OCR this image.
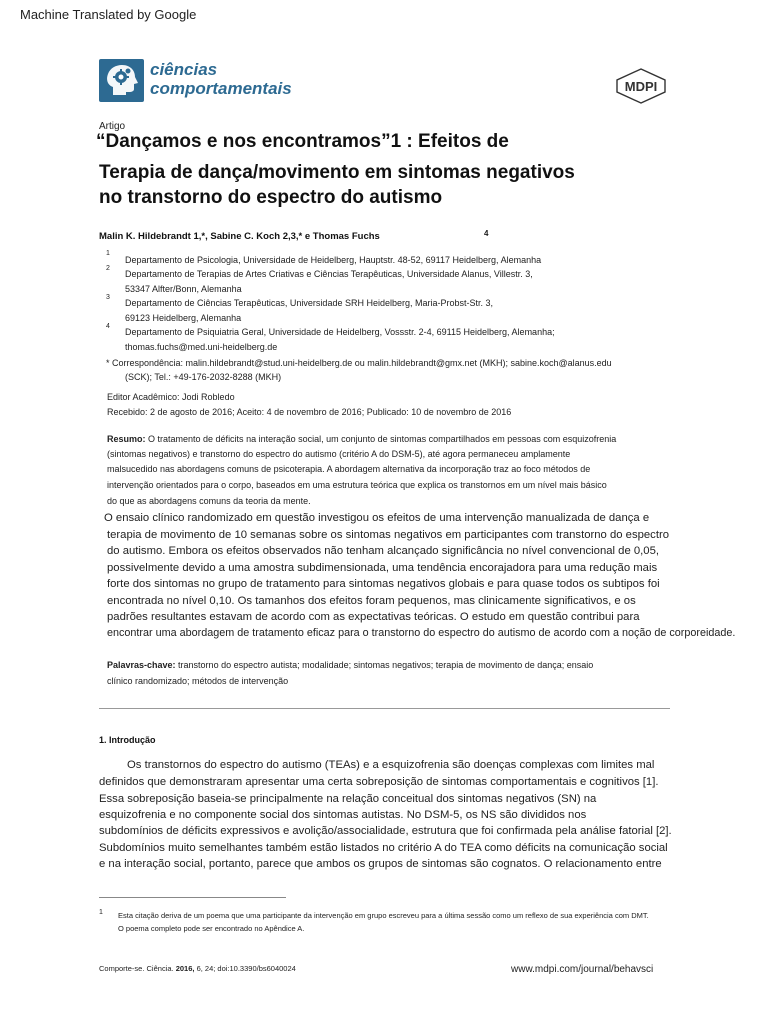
Machine Translated by Google
ciências
comportamentais	MDPI
Artigo
“Dançamos e nos encontramos”1 : Efeitos de
Terapia de dança/movimento em sintomas negativos
no transtorno do espectro do autismo
Malin K. Hildebrandt 1,*, Sabine C. Koch 2,3,* e Thomas Fuchs	4
1
Departamento de Psicologia, Universidade de Heidelberg, Hauptstr. 48-52, 69117 Heidelberg, Alemanha
2
Departamento de Terapias de Artes Criativas e Ciências Terapêuticas, Universidade Alanus, Villestr. 3,
53347 Alfter/Bonn, Alemanha
3
Departamento de Ciências Terapêuticas, Universidade SRH Heidelberg, Maria-Probst-Str. 3,
69123 Heidelberg, Alemanha
4
Departamento de Psiquiatria Geral, Universidade de Heidelberg, Vossstr. 2-4, 69115 Heidelberg, Alemanha;
thomas.fuchs@med.uni-heidelberg.de
* Correspondência: malin.hildebrandt@stud.uni-heidelberg.de ou malin.hildebrandt@gmx.net (MKH); sabine.koch@alanus.edu
(SCK); Tel.: +49-176-2032-8288 (MKH)
Editor Acadêmico: Jodi Robledo
Recebido: 2 de agosto de 2016; Aceito: 4 de novembro de 2016; Publicado: 10 de novembro de 2016
Resumo: O tratamento de déficits na interação social, um conjunto de sintomas compartilhados em pessoas com esquizofrenia
(sintomas negativos) e transtorno do espectro do autismo (critério A do DSM-5), até agora permaneceu amplamente
malsucedido nas abordagens comuns de psicoterapia. A abordagem alternativa da incorporação traz ao foco métodos de
intervenção orientados para o corpo, baseados em uma estrutura teórica que explica os transtornos em um nível mais básico
do que as abordagens comuns da teoria da mente.
O ensaio clínico randomizado em questão investigou os efeitos de uma intervenção manualizada de dança e
terapia de movimento de 10 semanas sobre os sintomas negativos em participantes com transtorno do espectro
do autismo. Embora os efeitos observados não tenham alcançado significância no nível convencional de 0,05,
possivelmente devido a uma amostra subdimensionada, uma tendência encorajadora para uma redução mais
forte dos sintomas no grupo de tratamento para sintomas negativos globais e para quase todos os subtipos foi
encontrada no nível 0,10. Os tamanhos dos efeitos foram pequenos, mas clinicamente significativos, e os
padrões resultantes estavam de acordo com as expectativas teóricas. O estudo em questão contribui para
encontrar uma abordagem de tratamento eficaz para o transtorno do espectro do autismo de acordo com a noção de corporeidade.
Palavras-chave: transtorno do espectro autista; modalidade; sintomas negativos; terapia de movimento de dança; ensaio
clínico randomizado; métodos de intervenção
1. Introdução
Os transtornos do espectro do autismo (TEAs) e a esquizofrenia são doenças complexas com limites mal
definidos que demonstraram apresentar uma certa sobreposição de sintomas comportamentais e cognitivos [1].
Essa sobreposição baseia-se principalmente na relação conceitual dos sintomas negativos (SN) na
esquizofrenia e no componente social dos sintomas autistas. No DSM-5, os NS são divididos nos
subdomínios de déficits expressivos e avolição/associalidade, estrutura que foi confirmada pela análise fatorial [2].
Subdomínios muito semelhantes também estão listados no critério A do TEA como déficits na comunicação social
e na interação social, portanto, parece que ambos os grupos de sintomas são cognatos. O relacionamento entre
1 Esta citação deriva de um poema que uma participante da intervenção em grupo escreveu para a última sessão como um reflexo de sua experiência com DMT.
O poema completo pode ser encontrado no Apêndice A.
Comporte-se. Ciência. 2016, 6, 24; doi:10.3390/bs6040024	www.mdpi.com/journal/behavsci
